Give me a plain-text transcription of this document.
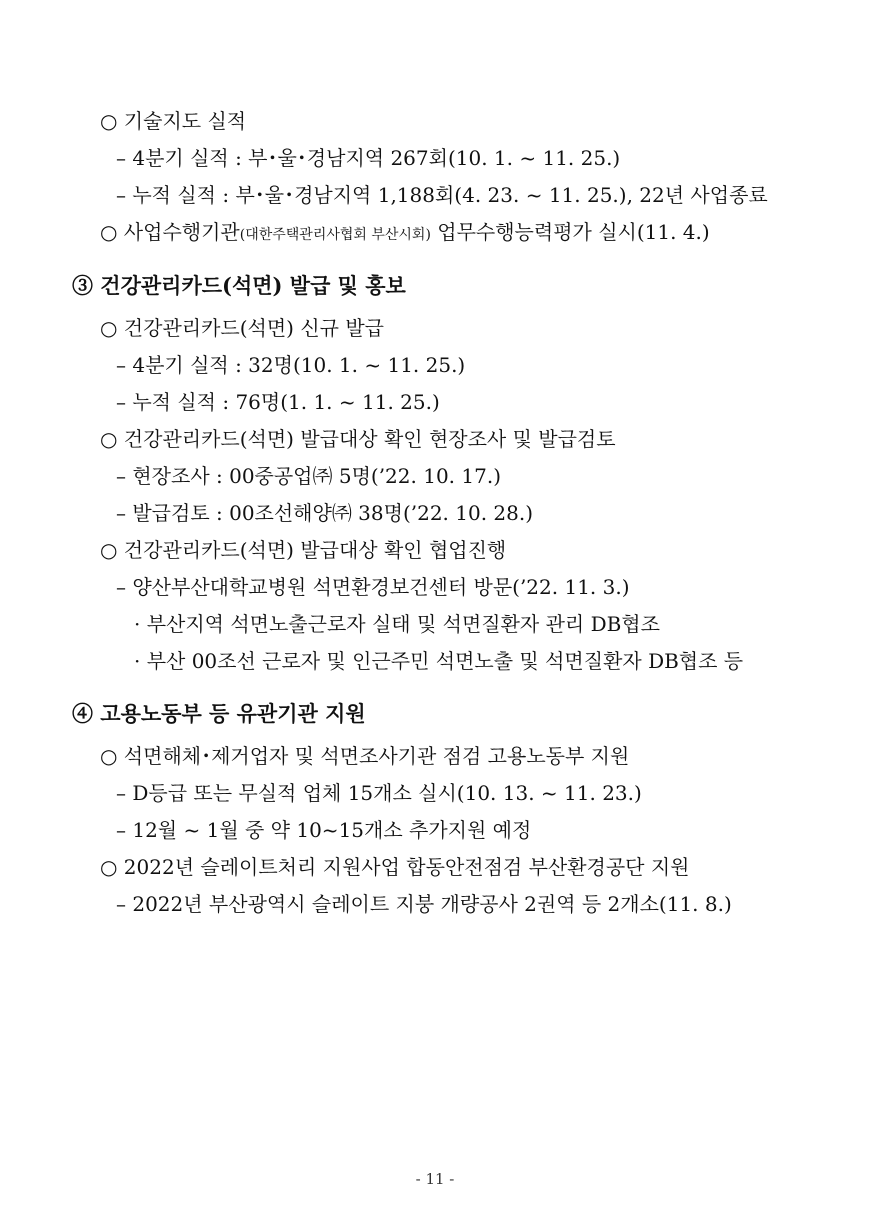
○ 기술지도 실적
– 4분기 실적 : 부･울･경남지역 267회(10. 1. ~ 11. 25.)
– 누적 실적 : 부･울･경남지역 1,188회(4. 23. ~ 11. 25.), 22년 사업종료
○ 사업수행기관(대한주택관리사협회 부산시회) 업무수행능력평가 실시(11. 4.)
③ 건강관리카드(석면) 발급 및 홍보
○ 건강관리카드(석면) 신규 발급
– 4분기 실적 : 32명(10. 1. ~ 11. 25.)
– 누적 실적 : 76명(1. 1. ~ 11. 25.)
○ 건강관리카드(석면) 발급대상 확인 현장조사 및 발급검토
– 현장조사 : 00중공업㈜ 5명(’22. 10. 17.)
– 발급검토 : 00조선해양㈜ 38명(’22. 10. 28.)
○ 건강관리카드(석면) 발급대상 확인 협업진행
– 양산부산대학교병원 석면환경보건센터 방문(’22. 11. 3.)
· 부산지역 석면노출근로자 실태 및 석면질환자 관리 DB협조
· 부산 00조선 근로자 및 인근주민 석면노출 및 석면질환자 DB협조 등
④ 고용노동부 등 유관기관 지원
○ 석면해체･제거업자 및 석면조사기관 점검 고용노동부 지원
– D등급 또는 무실적 업체 15개소 실시(10. 13. ~ 11. 23.)
– 12월 ~ 1월 중 약 10~15개소 추가지원 예정
○ 2022년 슬레이트처리 지원사업 합동안전점검 부산환경공단 지원
– 2022년 부산광역시 슬레이트 지붕 개량공사 2권역 등 2개소(11. 8.)
- 11 -
